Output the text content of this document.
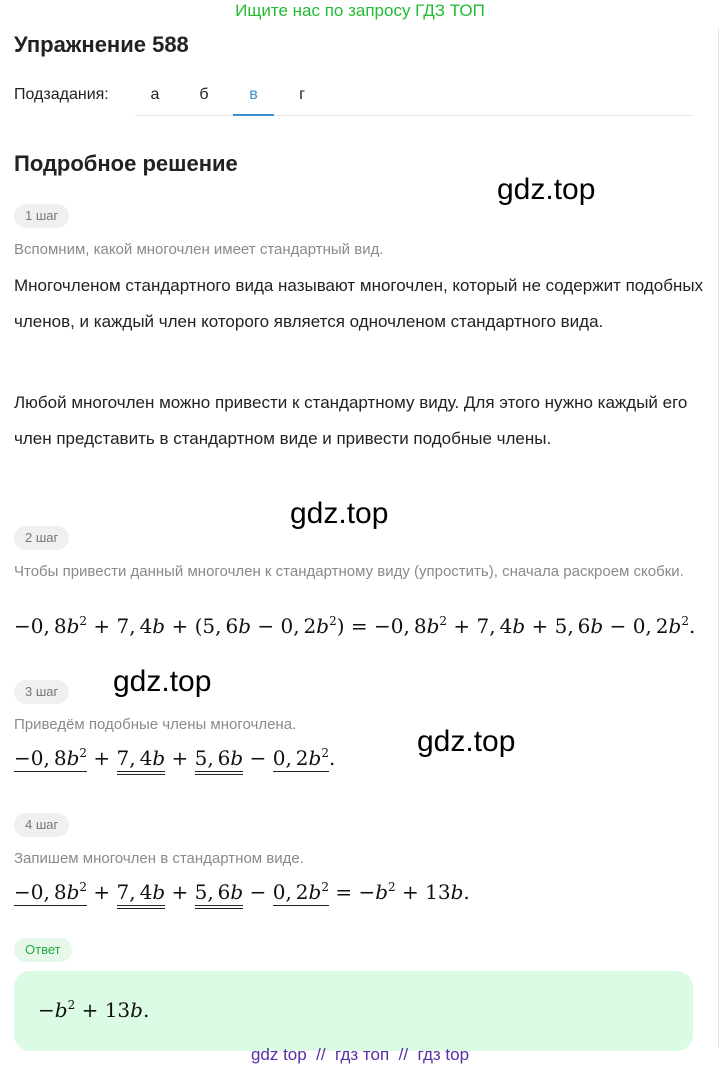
Ищите нас по запросу ГДЗ ТОП
Упражнение 588
Подзадания:	а	б	в	г
Подробное решение
gdz.top
1 шаг
Вспомним, какой многочлен имеет стандартный вид.
Многочленом стандартного вида называют многочлен, который не содержит подобных членов, и каждый член которого является одночленом стандартного вида.
Любой многочлен можно привести к стандартному виду. Для этого нужно каждый его член представить в стандартном виде и привести подобные члены.
gdz.top
2 шаг
Чтобы привести данный многочлен к стандартному виду (упростить), сначала раскроем скобки.
−0, $8b^2 + 7$, 4b + (5, 6b − 0, $2b^2) = -0$, $8b^2 + 7$, 4b + 5, 6b − 0, $2b^2$.
gdz.top
3 шаг
Приведём подобные члены многочлена.
gdz.top
−0, $8b^2 + 7$, 4b + 5, 6b − 0, $2b^2$.
4 шаг
Запишем многочлен в стандартном виде.
−0, $8b^2 + 7$, 4b + 5, 6b − 0, $2b^2 = -b^2 + 13b$.
Ответ
$-b^2 + 13b$.
gdz top  //  гдз топ  //  гдз top
